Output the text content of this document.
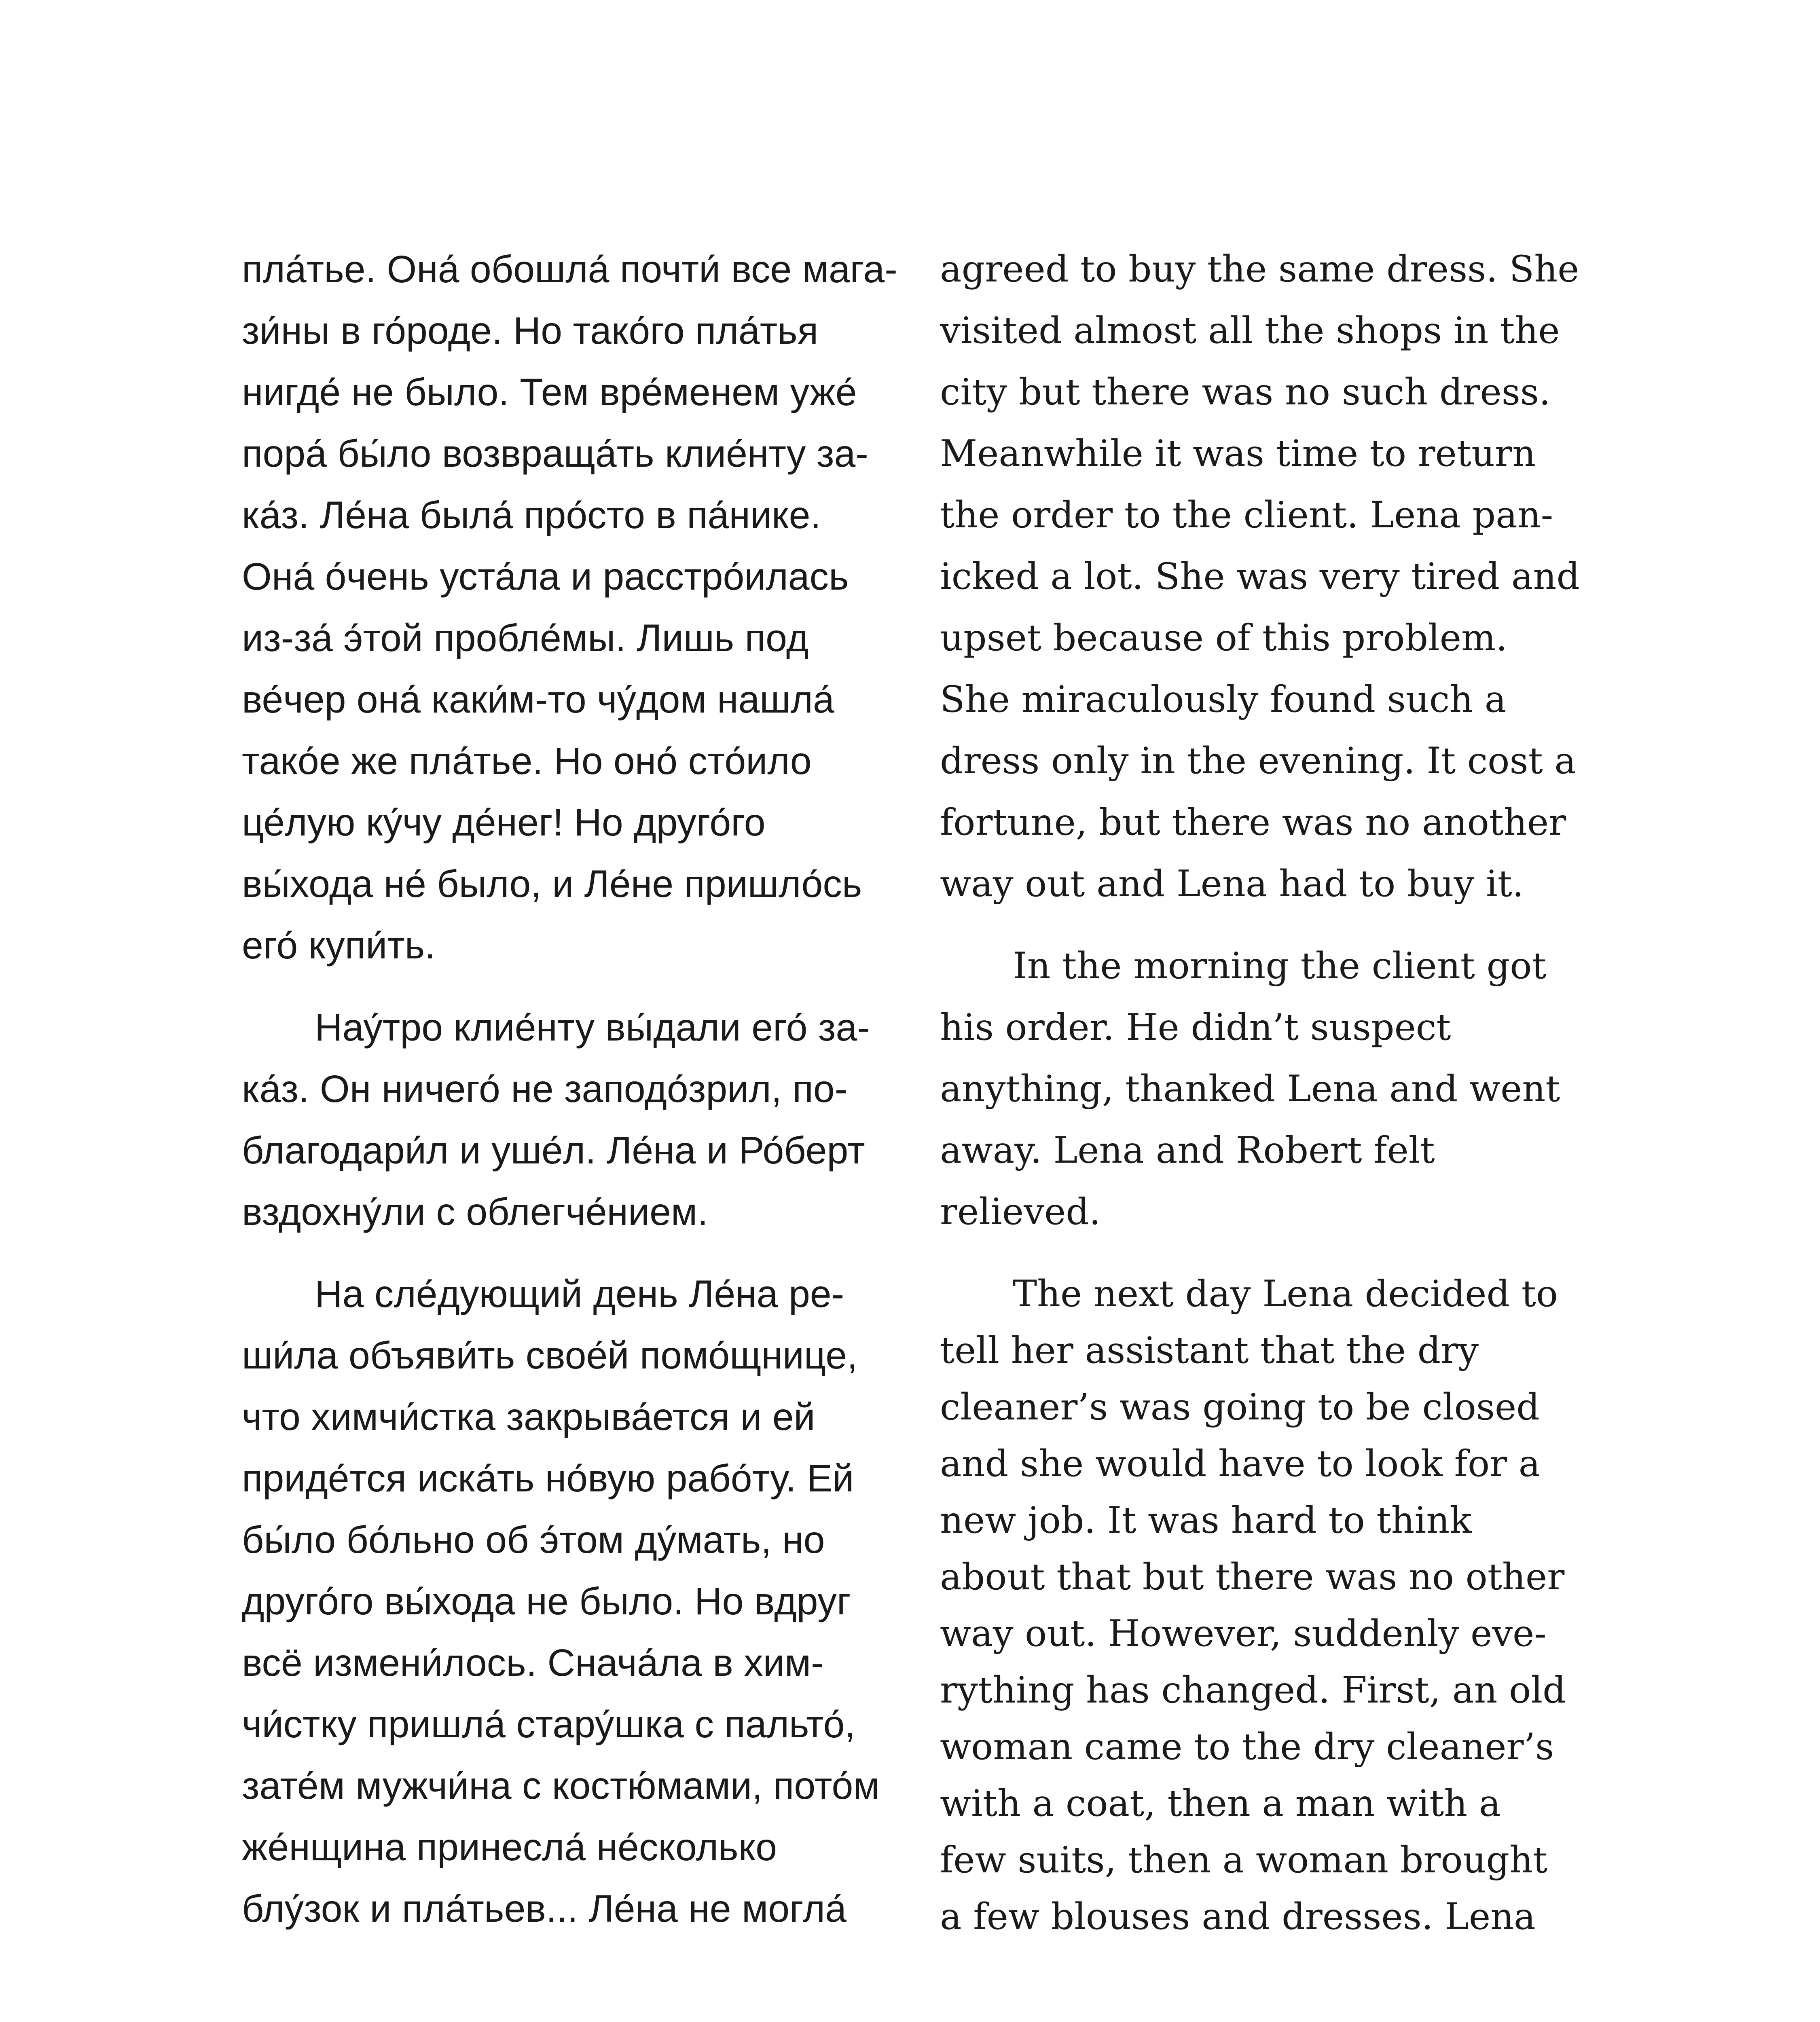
пла́тье. Она́ обошла́ почти́ все мага-
зи́ны в го́роде. Но тако́го пла́тья
нигде́ не было. Тем вре́менем уже́
пора́ бы́ло возвраща́ть клие́нту за-
ка́з. Ле́на была́ про́сто в па́нике.
Она́ о́чень уста́ла и расстро́илась
из-за́ э́той пробле́мы. Лишь под
ве́чер она́ каки́м-то чу́дом нашла́
тако́е же пла́тье. Но оно́ сто́ило
це́лую ку́чу де́нег! Но друго́го
вы́хода не́ было, и Ле́не пришло́сь
его́ купи́ть.
Нау́тро клие́нту вы́дали его́ за-
ка́з. Он ничего́ не заподо́зрил, по-
благодари́л и уше́л. Ле́на и Ро́берт
вздохну́ли с облегче́нием.
На сле́дующий день Ле́на ре-
ши́ла объяви́ть свое́й помо́щнице,
что химчи́стка закрыва́ется и ей
приде́тся иска́ть но́вую рабо́ту. Ей
бы́ло бо́льно об э́том ду́мать, но
друго́го вы́хода не было. Но вдруг
всё измени́лось. Снача́ла в хим-
чи́стку пришла́ стару́шка с пальто́,
зате́м мужчи́на с костю́мами, пото́м
же́нщина принесла́ не́сколько
блу́зок и пла́тьев... Ле́на не могла́
agreed to buy the same dress. She
visited almost all the shops in the
city but there was no such dress.
Meanwhile it was time to return
the order to the client. Lena pan-
icked a lot. She was very tired and
upset because of this problem.
She miraculously found such a
dress only in the evening. It cost a
fortune, but there was no another
way out and Lena had to buy it.
In the morning the client got
his order. He didn’t suspect
anything, thanked Lena and went
away. Lena and Robert felt
relieved.
The next day Lena decided to
tell her assistant that the dry
cleaner’s was going to be closed
and she would have to look for a
new job. It was hard to think
about that but there was no other
way out. However, suddenly eve-
rything has changed. First, an old
woman came to the dry cleaner’s
with a coat, then a man with a
few suits, then a woman brought
a few blouses and dresses. Lena
